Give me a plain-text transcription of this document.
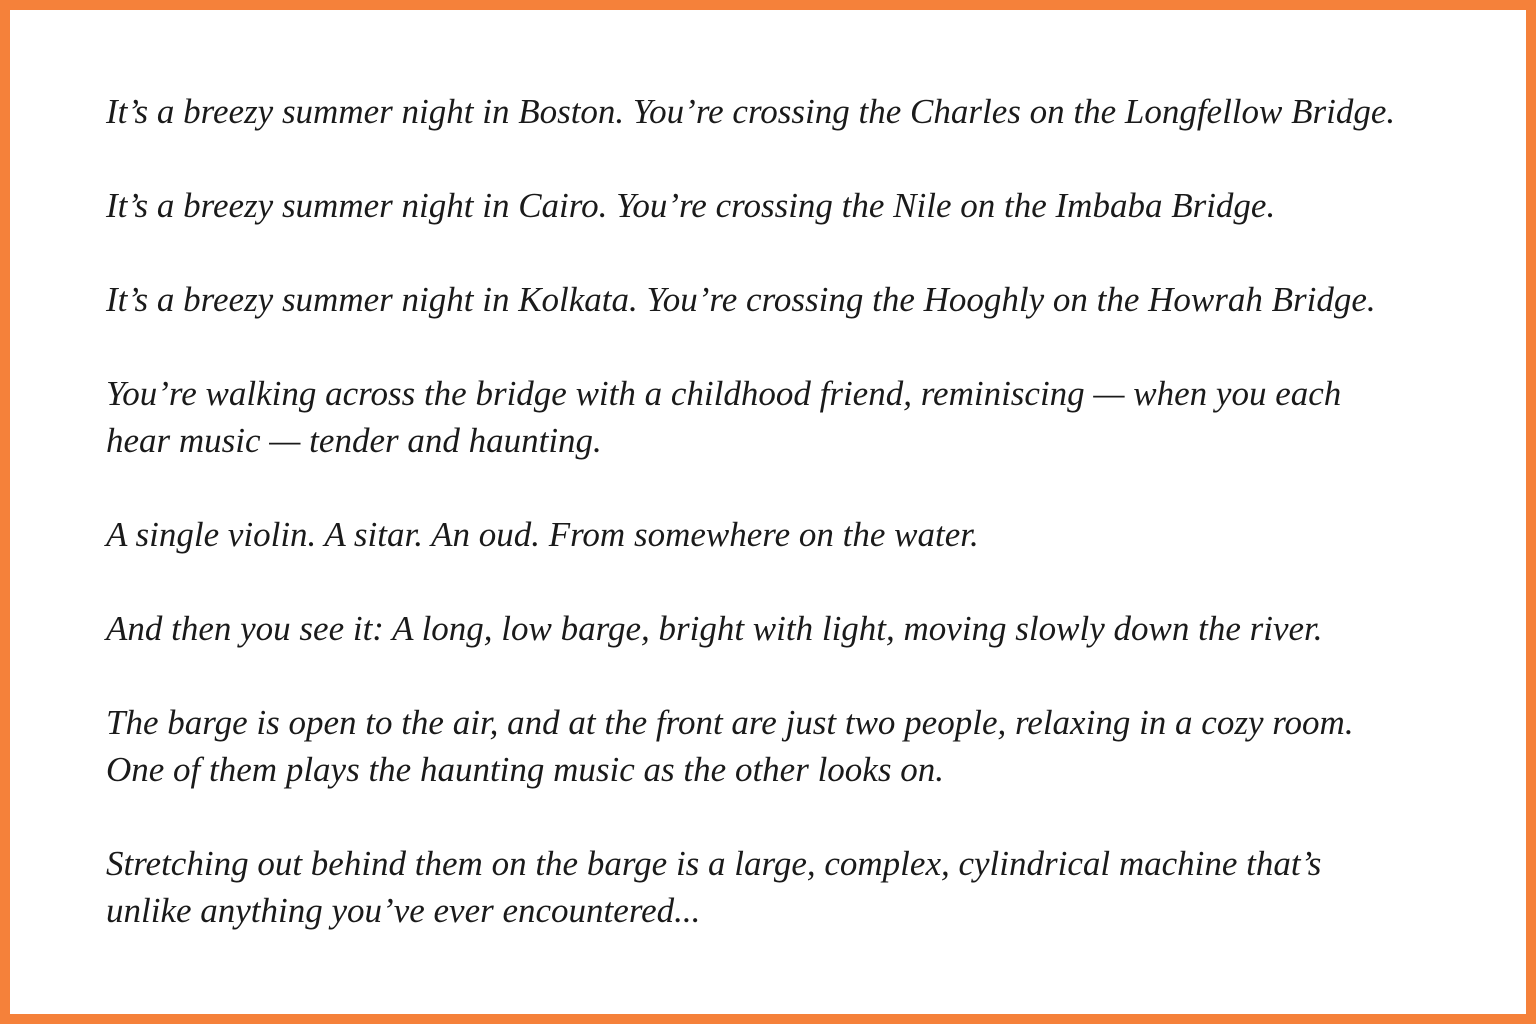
It’s a breezy summer night in Boston. You’re crossing the Charles on the Longfellow Bridge.

It’s a breezy summer night in Cairo. You’re crossing the Nile on the Imbaba Bridge.

It’s a breezy summer night in Kolkata. You’re crossing the Hooghly on the Howrah Bridge.

You’re walking across the bridge with a childhood friend, reminiscing — when you each
hear music — tender and haunting.

A single violin. A sitar. An oud. From somewhere on the water.

And then you see it: A long, low barge, bright with light, moving slowly down the river.

The barge is open to the air, and at the front are just two people, relaxing in a cozy room.
One of them plays the haunting music as the other looks on.

Stretching out behind them on the barge is a large, complex, cylindrical machine that’s
unlike anything you’ve ever encountered...
